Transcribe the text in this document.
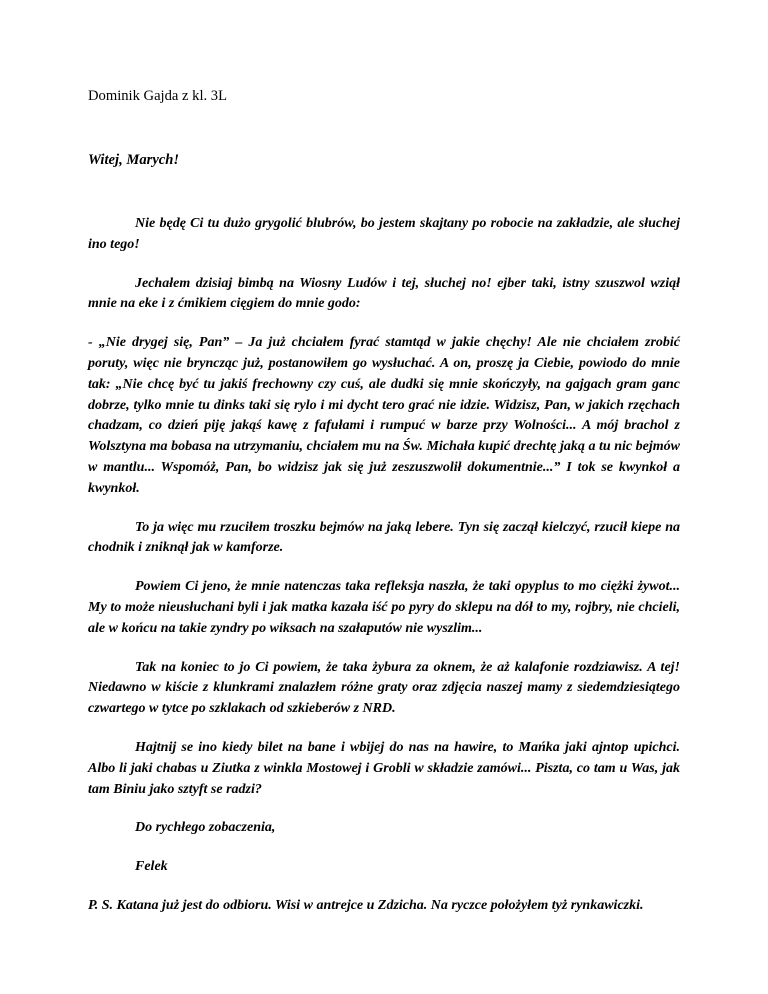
Dominik Gajda z kl. 3L

Witej, Marych!

Nie będę Ci tu dużo grygolić blubrów, bo jestem skajtany po robocie na zakładzie, ale słuchej ino tego!

Jechałem dzisiaj bimbą na Wiosny Ludów i tej, słuchej no! ejber taki, istny szuszwol wziął mnie na eke i z ćmikiem cięgiem do mnie godo:

- „Nie drygej się, Pan” – Ja już chciałem fyrać stamtąd w jakie chęchy! Ale nie chciałem zrobić poruty, więc nie bryncząc już, postanowiłem go wysłuchać. A on, proszę ja Ciebie, powiodo do mnie tak: „Nie chcę być tu jakiś frechowny czy cuś, ale dudki się mnie skończyły, na gajgach gram ganc dobrze, tylko mnie tu dinks taki się rylo i mi dycht tero grać nie idzie. Widzisz, Pan, w jakich rzęchach chadzam, co dzień piję jakąś kawę z fafułami i rumpuć w barze przy Wolności... A mój brachol z Wolsztyna ma bobasa na utrzymaniu, chciałem mu na Św. Michała kupić drechtę jaką a tu nic bejmów w mantlu... Wspomóż, Pan, bo widzisz jak się już zeszuszwolił dokumentnie...” I tok se kwynkoł a kwynkoł.

To ja więc mu rzuciłem troszku bejmów na jaką lebere. Tyn się zaczął kielczyć, rzucił kiepe na chodnik i zniknął jak w kamforze.

Powiem Ci jeno, że mnie natenczas taka refleksja naszła, że taki opyplus to mo ciężki żywot... My to może nieusłuchani byli i jak matka kazała iść po pyry do sklepu na dół to my, rojbry, nie chcieli, ale w końcu na takie zyndry po wiksach na szałaputów nie wyszlim...

Tak na koniec to jo Ci powiem, że taka żybura za oknem, że aż kalafonie rozdziawisz. A tej! Niedawno w kiście z klunkrami znalazłem różne graty oraz zdjęcia naszej mamy z siedemdziesiątego czwartego w tytce po szklakach od szkieberów z NRD.

Hajtnij se ino kiedy bilet na bane i wbijej do nas na hawire, to Mańka jaki ajntop upichci. Albo li jaki chabas u Ziutka z winkla Mostowej i Grobli w składzie zamówi... Piszta, co tam u Was, jak tam Biniu jako sztyft se radzi?

Do rychłego zobaczenia,

Felek

P. S. Katana już jest do odbioru. Wisi w antrejce u Zdzicha. Na ryczce położyłem tyż rynkawiczki.
